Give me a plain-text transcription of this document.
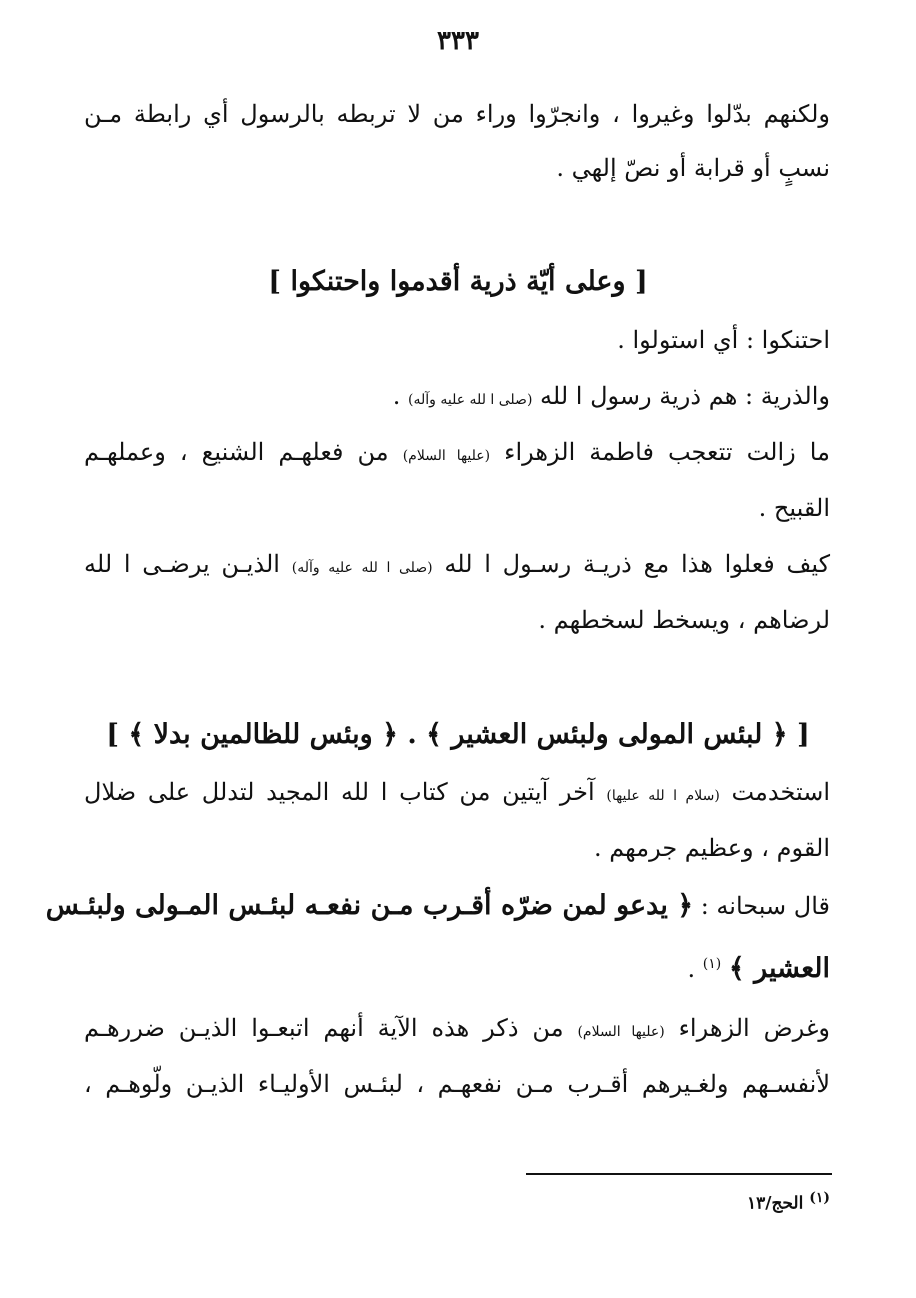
٣٣٣
ولكنهم بدّلوا وغيروا ، وانجرّوا وراء من لا تربطه بالرسول أي رابطة مـن
نسبٍ أو قرابة أو نصّ إلهي .
[ وعلى أيّة ذرية أقدموا واحتنكوا ]
احتنكوا : أي استولوا .
والذرية : هم ذرية رسول ا لله (صلى ا لله عليه وآله) .
ما زالت تتعجب فاطمة الزهراء (عليها السلام) من فعلهـم الشنيع ، وعملهـم
القبيح .
كيف فعلوا هذا مع ذريـة رسـول ا لله (صلى ا لله عليه وآله) الذيـن يرضـى ا لله
لرضاهم ، ويسخط لسخطهم .
[ ﴿ لبئس المولى ولبئس العشير ﴾ . ﴿ وبئس للظالمين بدلا ﴾ ]
استخدمت (سلام ا لله عليها) آخر آيتين من كتاب ا لله المجيد لتدلل على ضلال
القوم ، وعظيم جرمهم .
قال سبحانه : ﴿ يدعو لمن ضرّه أقـرب مـن نفعـه لبئـس المـولى ولبئـس
العشير ﴾ $^{(١)}$ .
وغرض الزهراء (عليها السلام) من ذكر هذه الآية أنهم اتبعـوا الذيـن ضررهـم
لأنفسـهم ولغـيرهم أقـرب مـن نفعهـم ، لبئـس الأوليـاء الذيـن ولّوهـم ،
$^{(١)}$ الحج/١٣
